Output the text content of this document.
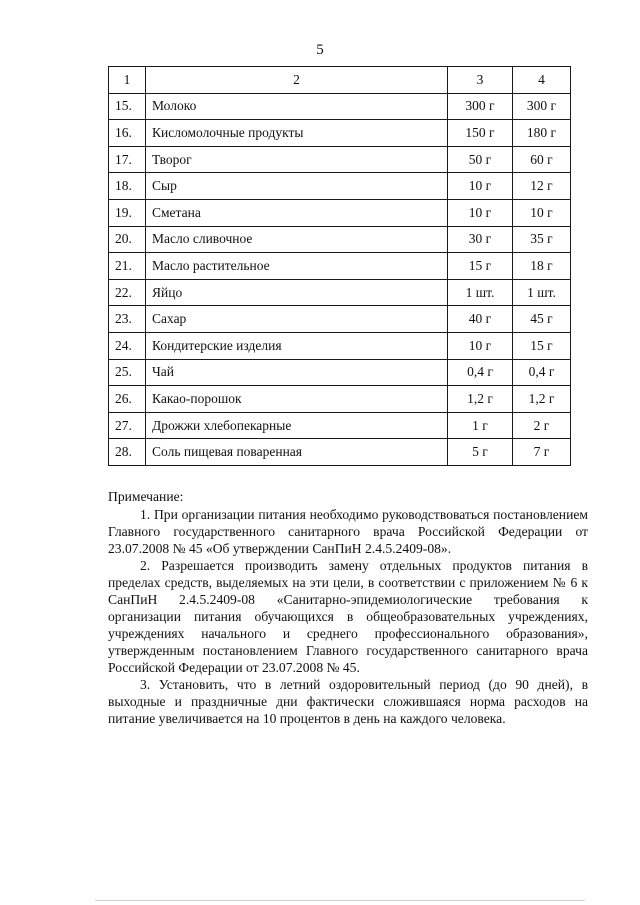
5
1	2	3	4
15.	Молоко	300 г	300 г
16.	Кисломолочные продукты	150 г	180 г
17.	Творог	50 г	60 г
18.	Сыр	10 г	12 г
19.	Сметана	10 г	10 г
20.	Масло сливочное	30 г	35 г
21.	Масло растительное	15 г	18 г
22.	Яйцо	1 шт.	1 шт.
23.	Сахар	40 г	45 г
24.	Кондитерские изделия	10 г	15 г
25.	Чай	0,4 г	0,4 г
26.	Какао-порошок	1,2 г	1,2 г
27.	Дрожжи хлебопекарные	1 г	2 г
28.	Соль пищевая поваренная	5 г	7 г
Примечание:

1. При организации питания необходимо руководствоваться постановлением Главного государственного санитарного врача Российской Федерации от 23.07.2008 № 45 «Об утверждении СанПиН 2.4.5.2409-08».

2. Разрешается производить замену отдельных продуктов питания в пределах средств, выделяемых на эти цели, в соответствии с приложением № 6 к СанПиН 2.4.5.2409-08 «Санитарно-эпидемиологические требования к организации питания обучающихся в общеобразовательных учреждениях, учреждениях начального и среднего профессионального образования», утвержденным постановлением Главного государственного санитарного врача Российской Федерации от 23.07.2008 № 45.

3. Установить, что в летний оздоровительный период (до 90 дней), в выходные и праздничные дни фактически сложившаяся норма расходов на питание увеличивается на 10 процентов в день на каждого человека.
